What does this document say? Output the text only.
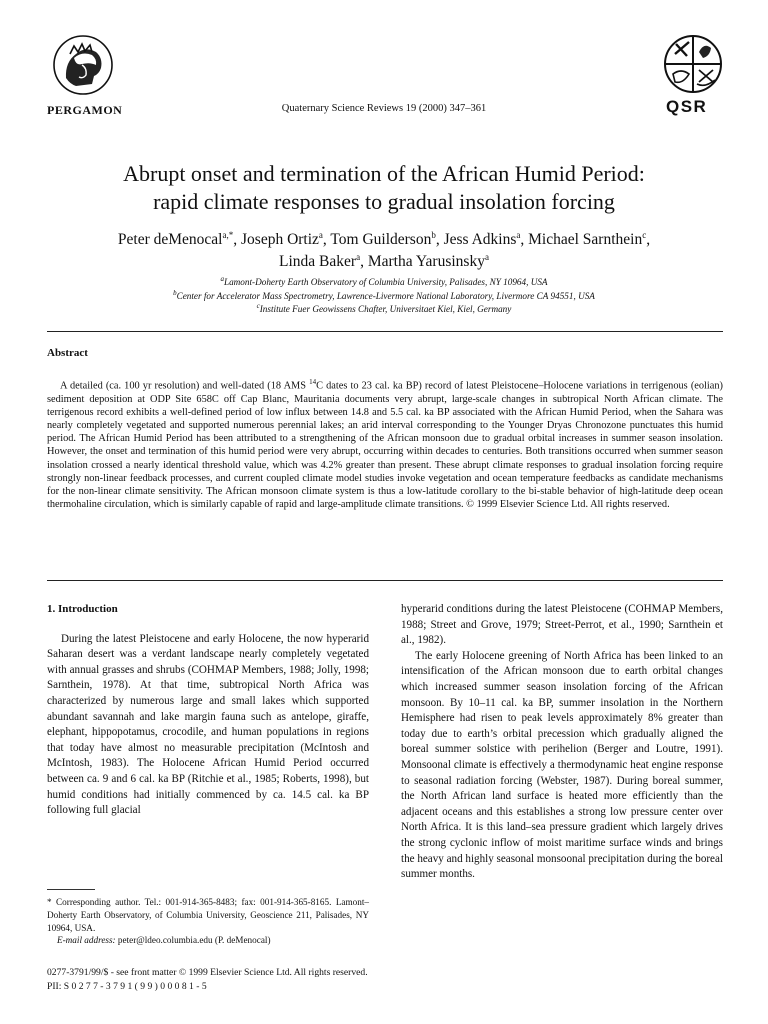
PERGAMON	Quaternary Science Reviews 19 (2000) 347–361	QSR
Abrupt onset and termination of the African Humid Period:
rapid climate responses to gradual insolation forcing
Peter deMenocal$^{a,*}$, Joseph Ortiz$^a$, Tom Guilderson$^b$, Jess Adkins$^a$, Michael Sarnthein$^c$,
Linda Baker$^a$, Martha Yarusinsky$^a$
$^a$Lamont-Doherty Earth Observatory of Columbia University, Palisades, NY 10964, USA
$^b$Center for Accelerator Mass Spectrometry, Lawrence-Livermore National Laboratory, Livermore CA 94551, USA
$^c$Institute Fuer Geowissens Chafter, Universitaet Kiel, Kiel, Germany
Abstract
A detailed (ca. 100 yr resolution) and well-dated (18 AMS $^{14}$C dates to 23 cal. ka BP) record of latest Pleistocene–Holocene variations in terrigenous (eolian) sediment deposition at ODP Site 658C off Cap Blanc, Mauritania documents very abrupt, large-scale changes in subtropical North African climate. The terrigenous record exhibits a well-defined period of low influx between 14.8 and 5.5 cal. ka BP associated with the African Humid Period, when the Sahara was nearly completely vegetated and supported numerous perennial lakes; an arid interval corresponding to the Younger Dryas Chronozone punctuates this humid period. The African Humid Period has been attributed to a strengthening of the African monsoon due to gradual orbital increases in summer season insolation. However, the onset and termination of this humid period were very abrupt, occurring within decades to centuries. Both transitions occurred when summer season insolation crossed a nearly identical threshold value, which was 4.2% greater than present. These abrupt climate responses to gradual insolation forcing require strongly non-linear feedback processes, and current coupled climate model studies invoke vegetation and ocean temperature feedbacks as candidate mechanisms for the non-linear climate sensitivity. The African monsoon climate system is thus a low-latitude corollary to the bi-stable behavior of high-latitude deep ocean thermohaline circulation, which is similarly capable of rapid and large-amplitude climate transitions. © 1999 Elsevier Science Ltd. All rights reserved.
1. Introduction

During the latest Pleistocene and early Holocene, the now hyperarid Saharan desert was a verdant landscape nearly completely vegetated with annual grasses and shrubs (COHMAP Members, 1988; Jolly, 1998; Sarnthein, 1978). At that time, subtropical North Africa was characterized by numerous large and small lakes which supported abundant savannah and lake margin fauna such as antelope, giraffe, elephant, hippopotamus, crocodile, and human populations in regions that today have almost no measurable precipitation (McIntosh and McIntosh, 1983). The Holocene African Humid Period occurred between ca. 9 and 6 cal. ka BP (Ritchie et al., 1985; Roberts, 1998), but humid conditions had initially commenced by ca. 14.5 cal. ka BP following full glacial

hyperarid conditions during the latest Pleistocene (COHMAP Members, 1988; Street and Grove, 1979; Street-Perrot, et al., 1990; Sarnthein et al., 1982).

The early Holocene greening of North Africa has been linked to an intensification of the African monsoon due to earth orbital changes which increased summer season insolation forcing of the African monsoon. By 10–11 cal. ka BP, summer insolation in the Northern Hemisphere had risen to peak levels approximately 8% greater than today due to earth’s orbital precession which gradually aligned the boreal summer solstice with perihelion (Berger and Loutre, 1991). Monsoonal climate is effectively a thermodynamic heat engine response to seasonal radiation forcing (Webster, 1987). During boreal summer, the North African land surface is heated more efficiently than the adjacent oceans and this establishes a strong low pressure center over North Africa. It is this land–sea pressure gradient which largely drives the strong cyclonic inflow of moist maritime surface winds and brings the heavy and highly seasonal monsoonal precipitation during the boreal summer months.

* Corresponding author. Tel.: 001-914-365-8483; fax: 001-914-365-8165. Lamont–Doherty Earth Observatory, of Columbia University, Geoscience 211, Palisades, NY 10964, USA.

E-mail address: peter@ldeo.columbia.edu (P. deMenocal)

0277-3791/99/$ - see front matter © 1999 Elsevier Science Ltd. All rights reserved.
PII: S 0 2 7 7 - 3 7 9 1 ( 9 9 ) 0 0 0 8 1 - 5
